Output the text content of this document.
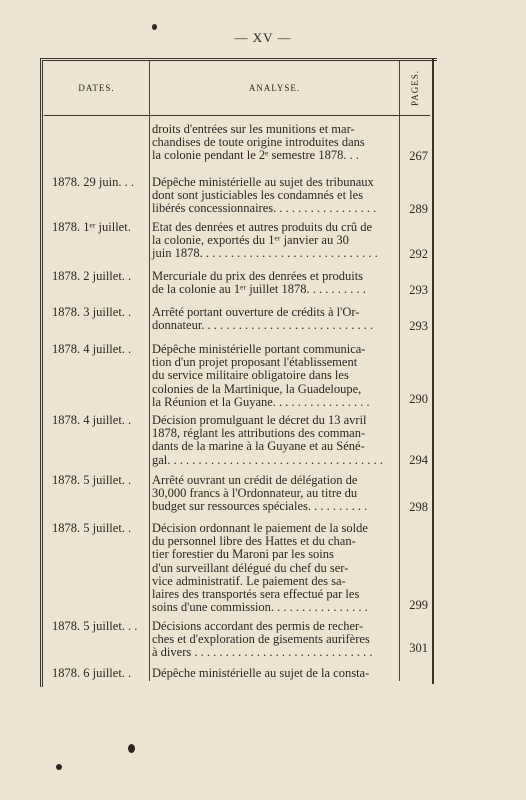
— XV —
DATES.	ANALYSE.	PAGES.
droits d'entrées sur les munitions et mar-
chandises de toute origine introduites dans
la colonie pendant le 2ᵉ semestre 1878. . .	267
1878. 29 juin. . .	Dépêche ministérielle au sujet des tribunaux
dont sont justiciables les condamnés et les
libérés concessionnaires. . . . . . . . . . . . . . . . .	289
1878. 1ᵉʳ juillet.	Etat des denrées et autres produits du crû de
la colonie, exportés du 1ᵉʳ janvier au 30
juin 1878. . . . . . . . . . . . . . . . . . . . . . . . . . . . .	292
1878. 2 juillet. .	Mercuriale du prix des denrées et produits
de la colonie au 1ᵉʳ juillet 1878. . . . . . . . . .	293
1878. 3 juillet. .	Arrêté portant ouverture de crédits à l'Or-
donnateur. . . . . . . . . . . . . . . . . . . . . . . . . . . .	293
1878. 4 juillet. .	Dépêche ministérielle portant communica-
tion d'un projet proposant l'établissement
du service militaire obligatoire dans les
colonies de la Martinique, la Guadeloupe,
la Réunion et la Guyane. . . . . . . . . . . . . . . .	290
1878. 4 juillet. .	Décision promulguant le décret du 13 avril
1878, réglant les attributions des comman-
dants de la marine à la Guyane et au Séné-
gal. . . . . . . . . . . . . . . . . . . . . . . . . . . . . . . . . . .	294
1878. 5 juillet. .	Arrêté ouvrant un crédit de délégation de
30,000 francs à l'Ordonnateur, au titre du
budget sur ressources spéciales. . . . . . . . . .	298
1878. 5 juillet. .	Décision ordonnant le paiement de la solde
du personnel libre des Hattes et du chan-
tier forestier du Maroni par les soins
d'un surveillant délégué du chef du ser-
vice administratif. Le paiement des sa-
laires des transportés sera effectué par les
soins d'une commission. . . . . . . . . . . . . . . .	299
1878. 5 juillet. . .	Décisions accordant des permis de recher-
ches et d'exploration de gisements aurifères
à divers . . . . . . . . . . . . . . . . . . . . . . . . . . . . .	301
1878. 6 juillet. .	Dépêche ministérielle au sujet de la consta-
